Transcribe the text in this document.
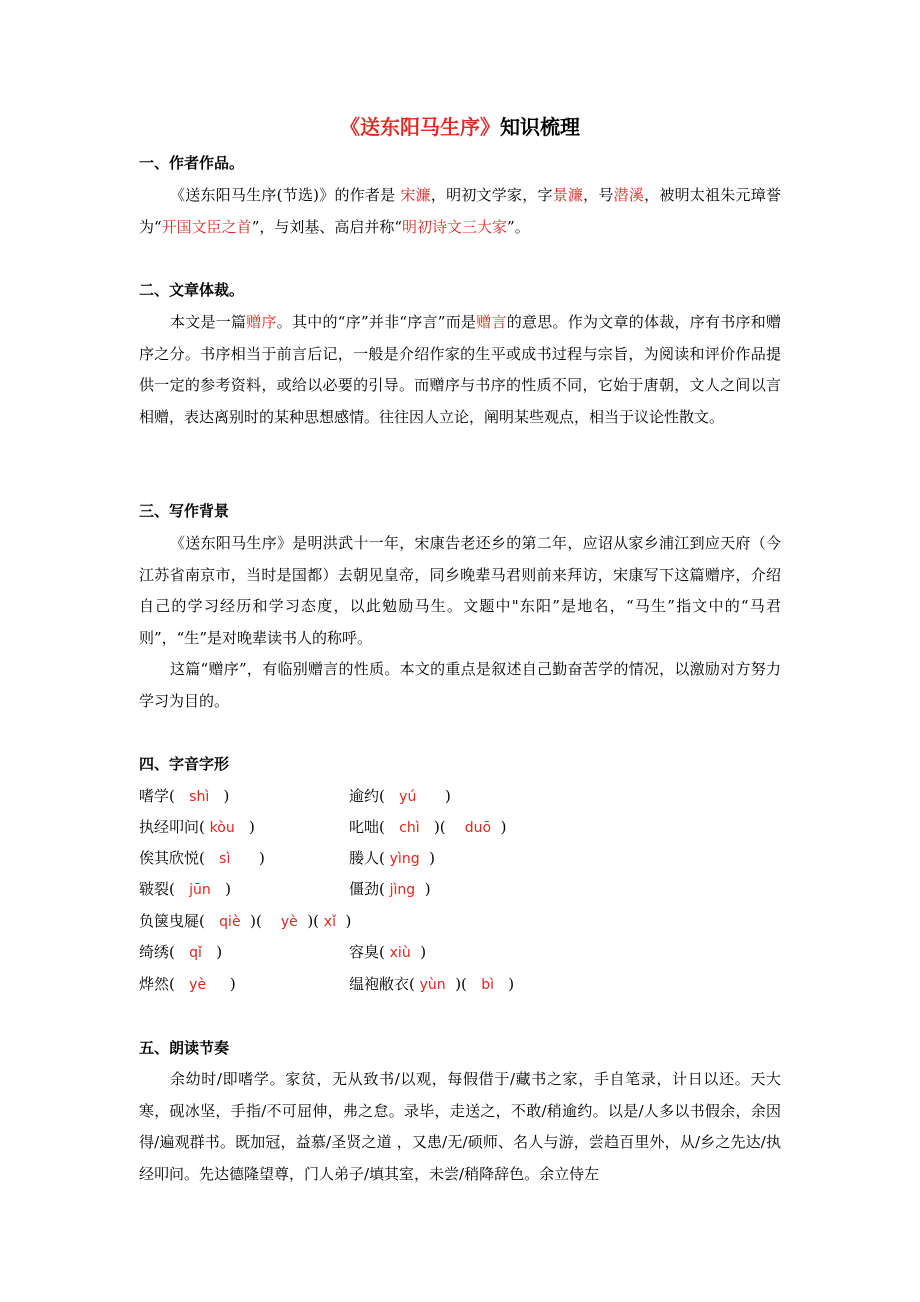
《送东阳马生序》知识梳理
一、作者作品。
《送东阳马生序(节选)》的作者是 宋濂，明初文学家，字景濂，号潜溪，被明太祖朱元璋誉为“开国文臣之首”，与刘基、高启并称“明初诗文三大家”。
二、文章体裁。
本文是一篇赠序。其中的“序”并非“序言”而是赠言的意思。作为文章的体裁，序有书序和赠序之分。书序相当于前言后记，一般是介绍作家的生平或成书过程与宗旨，为阅读和评价作品提供一定的参考资料，或给以必要的引导。而赠序与书序的性质不同，它始于唐朝，文人之间以言相赠，表达离别时的某种思想感情。往往因人立论，阐明某些观点，相当于议论性散文。
三、写作背景
《送东阳马生序》是明洪武十一年，宋康告老还乡的第二年，应诏从家乡浦江到应天府（今江苏省南京市，当时是国都）去朝见皇帝，同乡晚辈马君则前来拜访，宋康写下这篇赠序，介绍自己的学习经历和学习态度，以此勉励马生。文题中"东阳”是地名，“马生”指文中的“马君则”，“生”是对晚辈读书人的称呼。
这篇“赠序”，有临别赠言的性质。本文的重点是叙述自己勤奋苦学的情况，以激励对方努力学习为目的。
四、字音字形
嗜学(   shì   )	逾约(   yú      )
执经叩问( kòu   )	叱咄(   chì   )(    duō  )
俟其欣悦(   sì      )	媵人( yìng  )
皲裂(   jūn   )	僵劲( jìng  )
负箧曳屣(   qiè  )(    yè  )( xǐ  )
绮绣(   qǐ   )	容臭( xiù  )
烨然(   yè     )	缊袍敝衣( yùn  )(   bì   )
五、朗读节奏
余幼时/即嗜学。家贫，无从致书/以观，每假借于/藏书之家，手自笔录，计日以还。天大寒，砚冰坚，手指/不可屈伸，弗之怠。录毕，走送之，不敢/稍逾约。以是/人多以书假余，余因得/遍观群书。既加冠，益慕/圣贤之道 ，又患/无/硕师、名人与游，尝趋百里外，从/乡之先达/执经叩问。先达德隆望尊，门人弟子/填其室，未尝/稍降辞色。余立侍左
